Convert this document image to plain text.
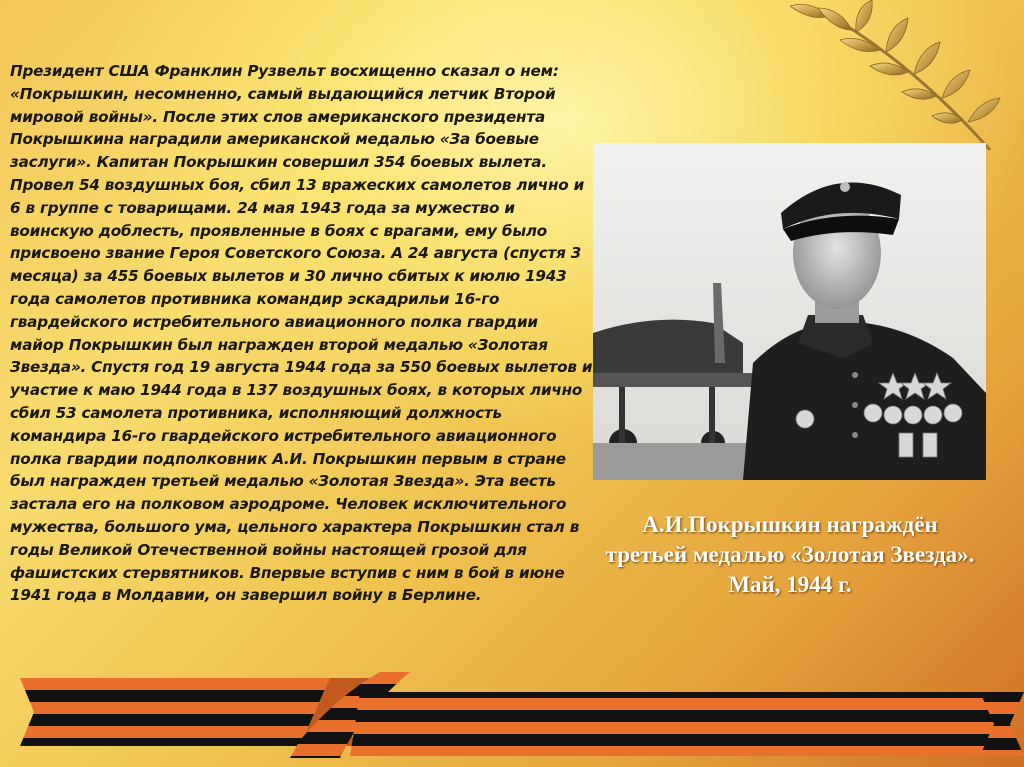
Президент США Франклин Рузвельт восхищенно сказал о нем: «Покрышкин, несомненно, самый выдающийся летчик Второй мировой войны». После этих слов американского президента Покрышкина наградили американской медалью «За боевые заслуги». Капитан Покрышкин совершил 354 боевых вылета. Провел 54 воздушных боя, сбил 13 вражеских самолетов лично и 6 в группе с товарищами. 24 мая 1943 года за мужество и воинскую доблесть, проявленные в боях с врагами, ему было присвоено звание Героя Советского Союза. А 24 августа (спустя 3 месяца) за 455 боевых вылетов и 30 лично сбитых к июлю 1943 года самолетов противника командир эскадрильи 16-го гвардейского истребительного авиационного полка гвардии майор Покрышкин был награжден второй медалью «Золотая Звезда». Спустя год 19 августа 1944 года за 550 боевых вылетов и участие к маю 1944 года в 137 воздушных боях, в которых лично сбил 53 самолета противника, исполняющий должность командира 16-го гвардейского истребительного авиационного полка гвардии подполковник А.И. Покрышкин первым в стране был награжден третьей медалью «Золотая Звезда». Эта весть застала его на полковом аэродроме. Человек исключительного мужества, большого ума, цельного характера Покрышкин стал в годы Великой Отечественной войны настоящей грозой для фашистских стервятников. Впервые вступив с ним в бой в июне 1941 года в Молдавии, он завершил войну в Берлине.

А.И.Покрышкин награждён третьей медалью «Золотая Звезда». Май, 1944 г.
